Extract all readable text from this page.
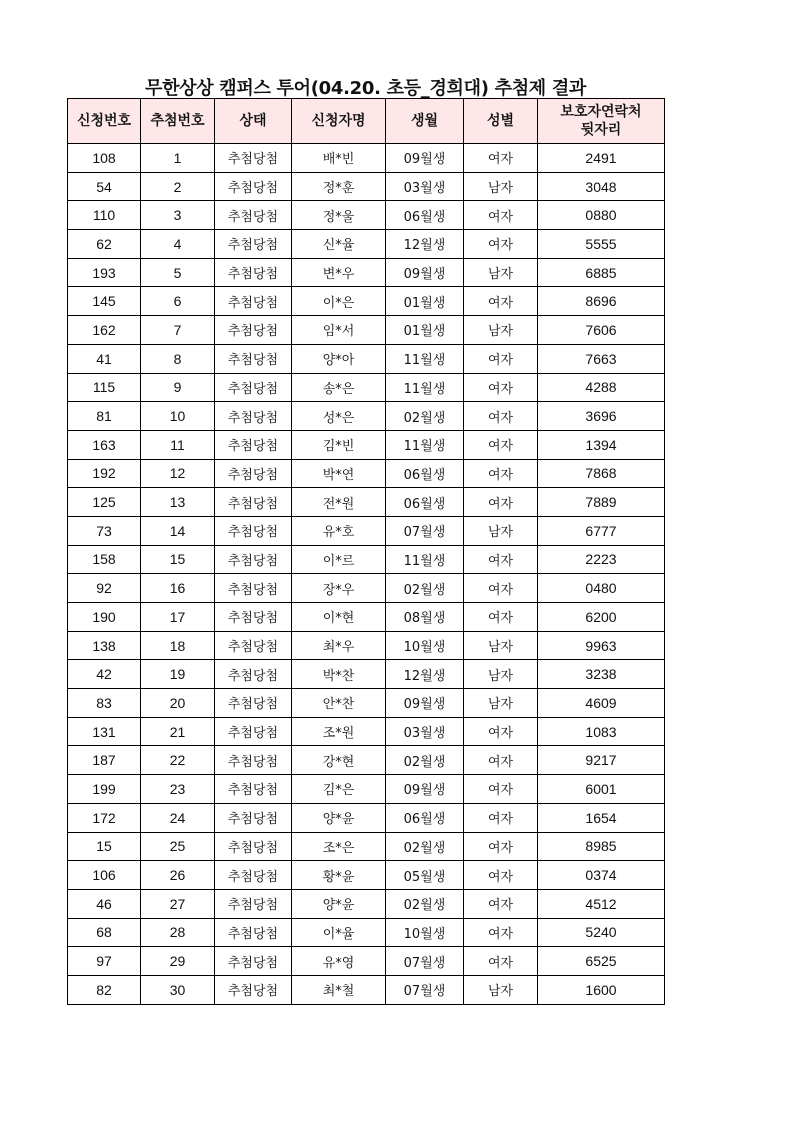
무한상상 캠퍼스 투어(04.20. 초등_경희대) 추첨제 결과
신청번호	추첨번호	상태	신청자명	생월	성별	보호자연락처
뒷자리
108	1	추첨당첨	배*빈	09월생	여자	2491
54	2	추첨당첨	정*훈	03월생	남자	3048
110	3	추첨당첨	정*울	06월생	여자	0880
62	4	추첨당첨	신*율	12월생	여자	5555
193	5	추첨당첨	변*우	09월생	남자	6885
145	6	추첨당첨	이*은	01월생	여자	8696
162	7	추첨당첨	임*서	01월생	남자	7606
41	8	추첨당첨	양*아	11월생	여자	7663
115	9	추첨당첨	송*은	11월생	여자	4288
81	10	추첨당첨	성*은	02월생	여자	3696
163	11	추첨당첨	김*빈	11월생	여자	1394
192	12	추첨당첨	박*연	06월생	여자	7868
125	13	추첨당첨	전*원	06월생	여자	7889
73	14	추첨당첨	유*호	07월생	남자	6777
158	15	추첨당첨	이*르	11월생	여자	2223
92	16	추첨당첨	장*우	02월생	여자	0480
190	17	추첨당첨	이*현	08월생	여자	6200
138	18	추첨당첨	최*우	10월생	남자	9963
42	19	추첨당첨	박*찬	12월생	남자	3238
83	20	추첨당첨	안*찬	09월생	남자	4609
131	21	추첨당첨	조*원	03월생	여자	1083
187	22	추첨당첨	강*현	02월생	여자	9217
199	23	추첨당첨	김*은	09월생	여자	6001
172	24	추첨당첨	양*윤	06월생	여자	1654
15	25	추첨당첨	조*은	02월생	여자	8985
106	26	추첨당첨	황*윤	05월생	여자	0374
46	27	추첨당첨	양*윤	02월생	여자	4512
68	28	추첨당첨	이*율	10월생	여자	5240
97	29	추첨당첨	유*영	07월생	여자	6525
82	30	추첨당첨	최*철	07월생	남자	1600
